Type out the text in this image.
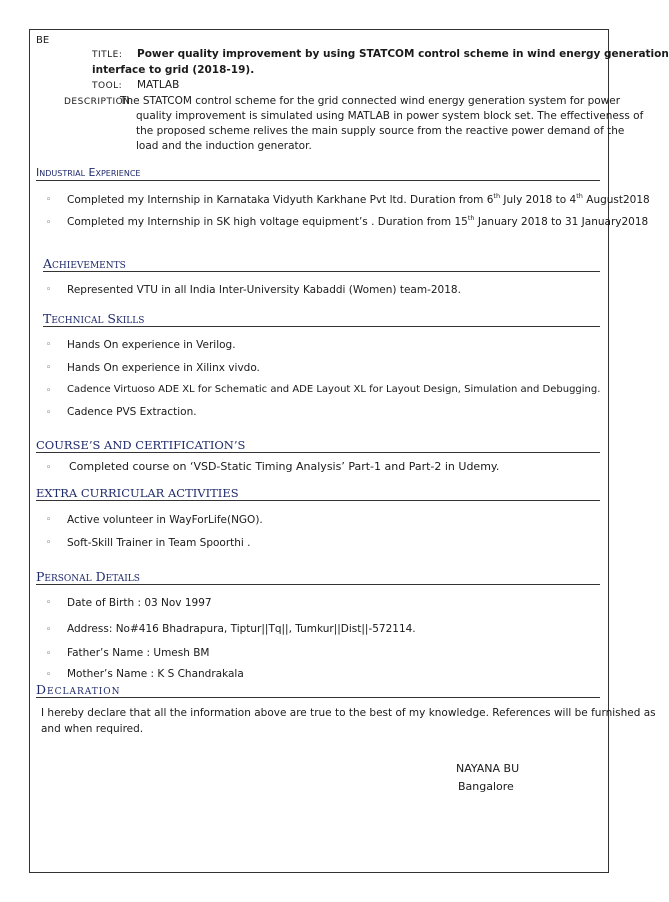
BE
TITLE: Power quality improvement by using STATCOM control scheme in wind energy generation
interface to grid (2018-19).
TOOL: MATLAB
DESCRIPTION:
The STATCOM control scheme for the grid connected wind energy generation system for power
quality improvement is simulated using MATLAB in power system block set. The effectiveness of
the proposed scheme relives the main supply source from the reactive power demand of the
load and the induction generator.
Industrial Experience
◦ Completed my Internship in Karnataka Vidyuth Karkhane Pvt ltd. Duration from 6th July 2018 to 4th August2018
◦ Completed my Internship in SK high voltage equipment’s . Duration from 15th January 2018 to 31 January2018
Achievements
◦ Represented VTU in all India Inter-University Kabaddi (Women) team-2018.
Technical Skills
◦ Hands On experience in Verilog.
◦ Hands On experience in Xilinx vivdo.
◦ Cadence Virtuoso ADE XL for Schematic and ADE Layout XL for Layout Design, Simulation and Debugging.
◦ Cadence PVS Extraction.
COURSE’S AND CERTIFICATION’S
◦ Completed course on ‘VSD-Static Timing Analysis’ Part-1 and Part-2 in Udemy.
EXTRA CURRICULAR ACTIVITIES
◦ Active volunteer in WayForLife(NGO).
◦ Soft-Skill Trainer in Team Spoorthi .
Personal Details
◦ Date of Birth : 03 Nov 1997
◦ Address: No#416 Bhadrapura, Tiptur||Tq||, Tumkur||Dist||-572114.
◦ Father’s Name : Umesh BM
◦ Mother’s Name : K S Chandrakala
Declaration
I hereby declare that all the information above are true to the best of my knowledge. References will be furnished as
and when required.
NAYANA BU
Bangalore
